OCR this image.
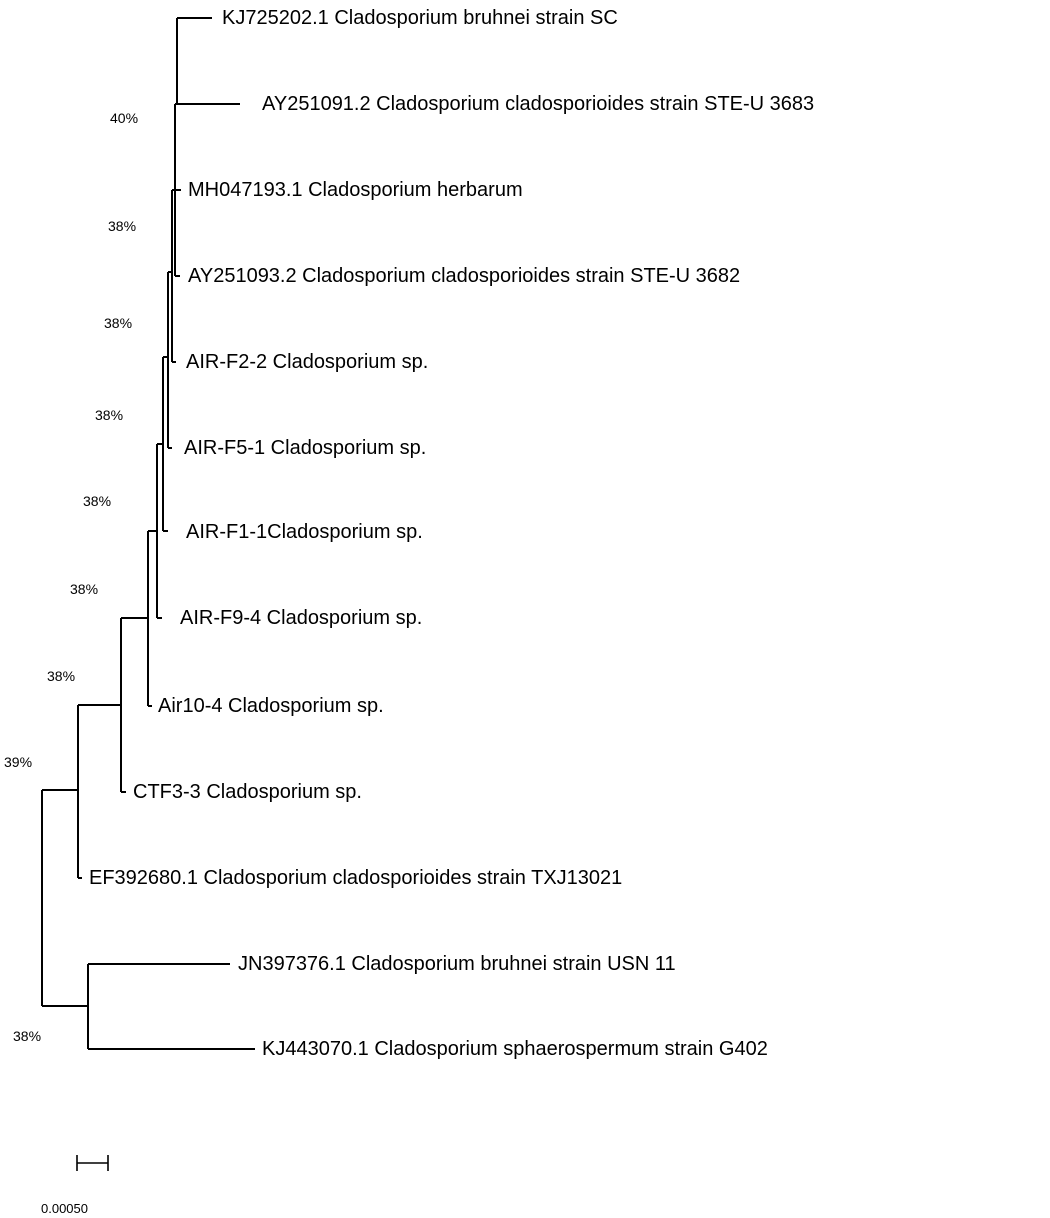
KJ725202.1 Cladosporium bruhnei strain SC
AY251091.2 Cladosporium cladosporioides strain STE-U 3683
MH047193.1 Cladosporium herbarum
AY251093.2 Cladosporium cladosporioides strain STE-U 3682
AIR-F2-2 Cladosporium sp.
AIR-F5-1 Cladosporium sp.
AIR-F1-1Cladosporium sp.
AIR-F9-4 Cladosporium sp.
Air10-4 Cladosporium sp.
CTF3-3 Cladosporium sp.
EF392680.1 Cladosporium cladosporioides strain TXJ13021
JN397376.1 Cladosporium bruhnei strain USN 11
KJ443070.1 Cladosporium sphaerospermum strain G402
40%
38%
38%
38%
38%
38%
38%
39%
38%
0.00050
